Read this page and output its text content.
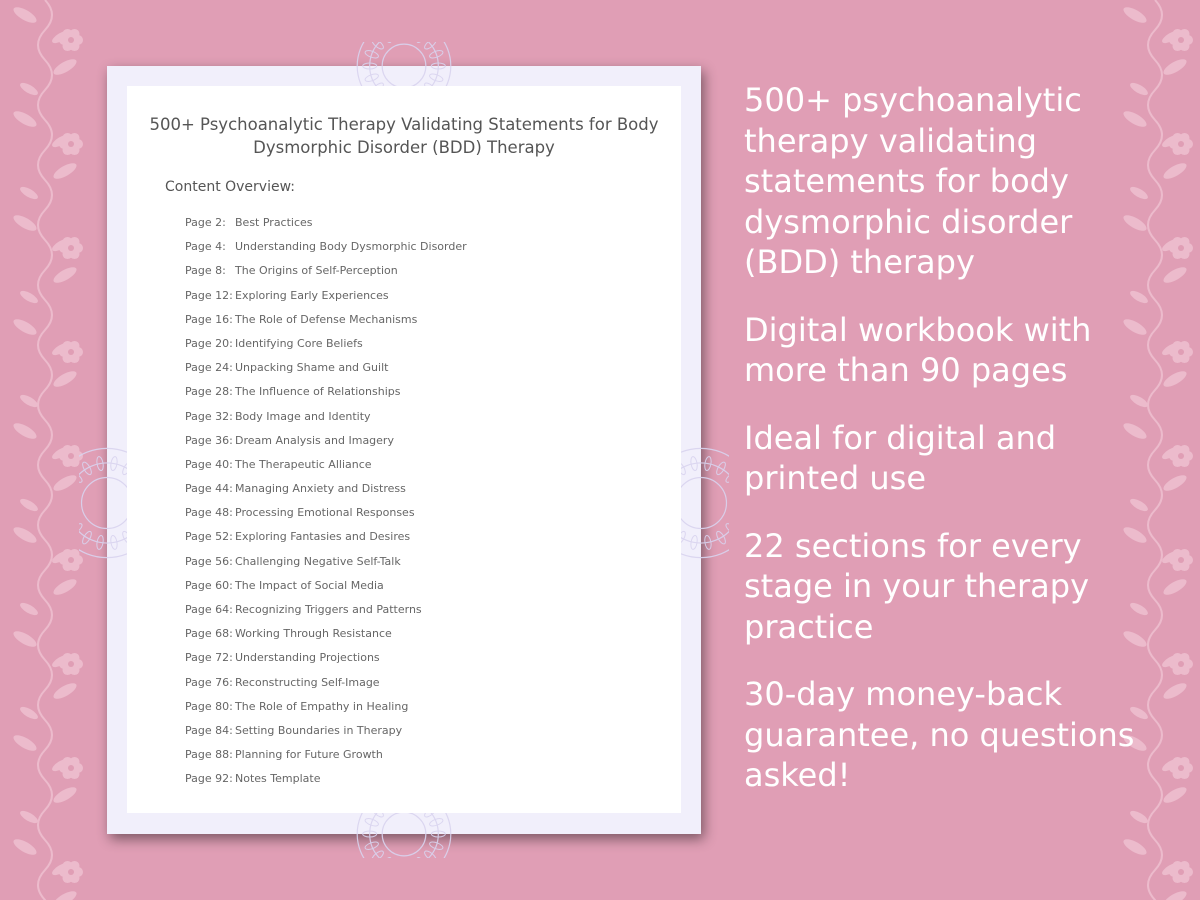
500+ Psychoanalytic Therapy Validating Statements for Body Dysmorphic Disorder (BDD) Therapy
Content Overview:
Page 2: Best Practices
Page 4: Understanding Body Dysmorphic Disorder
Page 8: The Origins of Self-Perception
Page 12: Exploring Early Experiences
Page 16: The Role of Defense Mechanisms
Page 20: Identifying Core Beliefs
Page 24: Unpacking Shame and Guilt
Page 28: The Influence of Relationships
Page 32: Body Image and Identity
Page 36: Dream Analysis and Imagery
Page 40: The Therapeutic Alliance
Page 44: Managing Anxiety and Distress
Page 48: Processing Emotional Responses
Page 52: Exploring Fantasies and Desires
Page 56: Challenging Negative Self-Talk
Page 60: The Impact of Social Media
Page 64: Recognizing Triggers and Patterns
Page 68: Working Through Resistance
Page 72: Understanding Projections
Page 76: Reconstructing Self-Image
Page 80: The Role of Empathy in Healing
Page 84: Setting Boundaries in Therapy
Page 88: Planning for Future Growth
Page 92: Notes Template
500+ psychoanalytic therapy validating statements for body dysmorphic disorder (BDD) therapy
Digital workbook with more than 90 pages
Ideal for digital and printed use
22 sections for every stage in your therapy practice
30-day money-back guarantee, no questions asked!
